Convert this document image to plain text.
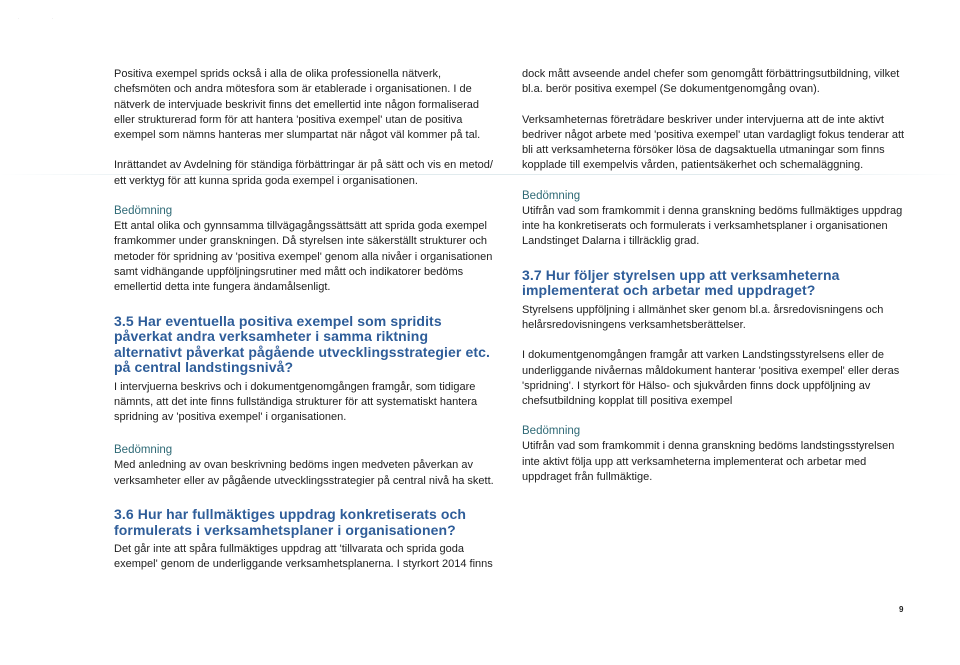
·	·

Positiva exempel sprids också i alla de olika professionella nätverk, chefsmöten och andra mötesfora som är etablerade i organisationen. I de nätverk de intervjuade beskrivit finns det emellertid inte någon formaliserad eller strukturerad form för att hantera 'positiva exempel' utan de positiva exempel som nämns hanteras mer slumpartat när något väl kommer på tal.

Inrättandet av Avdelning för ständiga förbättringar är på sätt och vis en metod/ ett verktyg för att kunna sprida goda exempel i organisationen.

Bedömning

Ett antal olika och gynnsamma tillvägagångssättsätt att sprida goda exempel framkommer under granskningen. Då styrelsen inte säkerställt strukturer och metoder för spridning av 'positiva exempel' genom alla nivåer i organisationen samt vidhängande uppföljningsrutiner med mått och indikatorer bedöms emellertid detta inte fungera ändamålsenligt.

3.5 Har eventuella positiva exempel som spridits påverkat andra verksamheter i samma riktning alternativt påverkat pågående utvecklingsstrategier etc. på central landstingsnivå?

I intervjuerna beskrivs och i dokumentgenomgången framgår, som tidigare nämnts, att det inte finns fullständiga strukturer för att systematiskt hantera spridning av 'positiva exempel' i organisationen.

Bedömning

Med anledning av ovan beskrivning bedöms ingen medveten påverkan av verksamheter eller av pågående utvecklingsstrategier på central nivå ha skett.

3.6 Hur har fullmäktiges uppdrag konkretiserats och formulerats i verksamhetsplaner i organisationen?

Det går inte att spåra fullmäktiges uppdrag att 'tillvarata och sprida goda exempel' genom de underliggande verksamhetsplanerna. I styrkort 2014 finns

dock mått avseende andel chefer som genomgått förbättringsutbildning, vilket bl.a. berör positiva exempel (Se dokumentgenomgång ovan).

Verksamheternas företrädare beskriver under intervjuerna att de inte aktivt bedriver något arbete med 'positiva exempel' utan vardagligt fokus tenderar att bli att verksamheterna försöker lösa de dagsaktuella utmaningar som finns kopplade till exempelvis vården, patientsäkerhet och schemaläggning.

Bedömning

Utifrån vad som framkommit i denna granskning bedöms fullmäktiges uppdrag inte ha konkretiserats och formulerats i verksamhetsplaner i organisationen Landstinget Dalarna i tillräcklig grad.

3.7 Hur följer styrelsen upp att verksamheterna implementerat och arbetar med uppdraget?

Styrelsens uppföljning i allmänhet sker genom bl.a. årsredovisningens och helårsredovisningens verksamhetsberättelser.

I dokumentgenomgången framgår att varken Landstingsstyrelsens eller de underliggande nivåernas måldokument hanterar 'positiva exempel' eller deras 'spridning'. I styrkort för Hälso- och sjukvården finns dock uppföljning av chefsutbildning kopplat till positiva exempel

Bedömning

Utifrån vad som framkommit i denna granskning bedöms landstingsstyrelsen inte aktivt följa upp att verksamheterna implementerat och arbetar med uppdraget från fullmäktige.

9
